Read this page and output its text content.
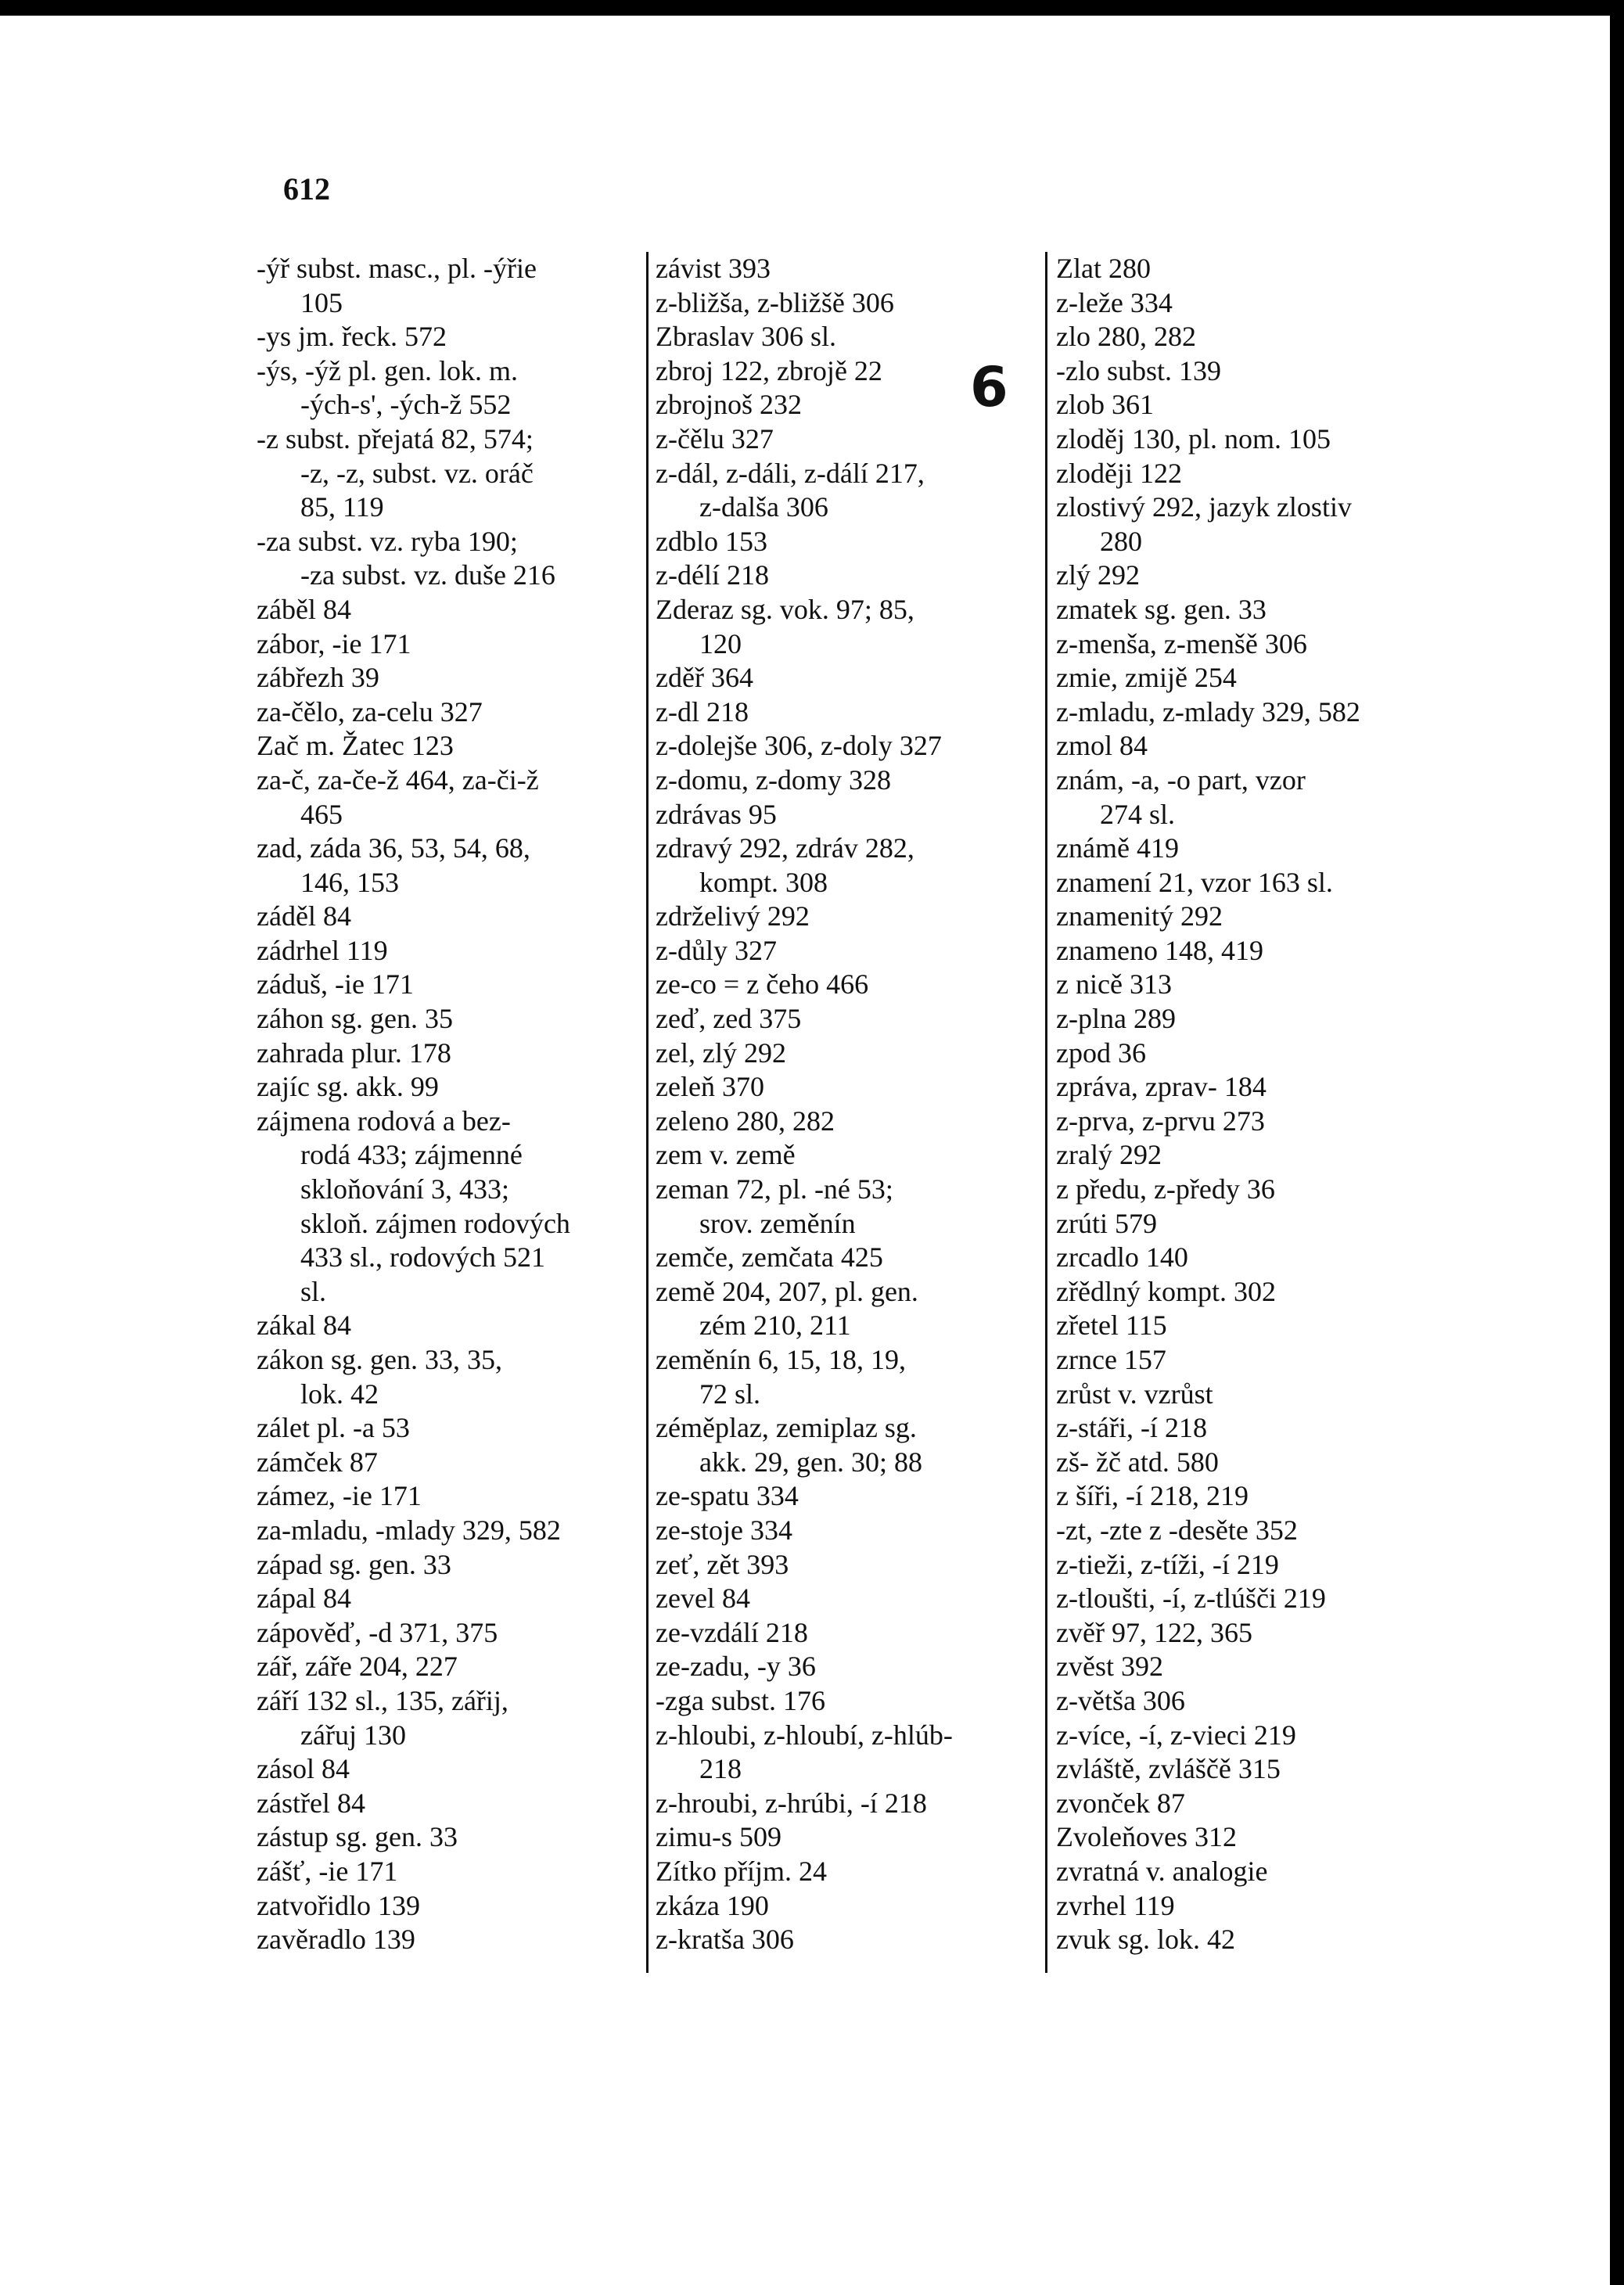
612
-ýř subst. masc., pl. -ýřie
105
-ys jm. řeck. 572
-ýs, -ýž pl. gen. lok. m.
-ých-s', -ých-ž 552
-z subst. přejatá 82, 574;
-z, -z, subst. vz. oráč
85, 119
-za subst. vz. ryba 190;
-za subst. vz. duše 216
záběl 84
zábor, -ie 171
zábřezh 39
za-čělo, za-celu 327
Zač m. Žatec 123
za-č, za-če-ž 464, za-či-ž
465
zad, záda 36, 53, 54, 68,
146, 153
záděl 84
zádrhel 119
záduš, -ie 171
záhon sg. gen. 35
zahrada plur. 178
zajíc sg. akk. 99
zájmena rodová a bez-
rodá 433; zájmenné
skloňování 3, 433;
skloň. zájmen rodových
433 sl., rodových 521
sl.
zákal 84
zákon sg. gen. 33, 35,
lok. 42
zálet pl. -a 53
zámček 87
zámez, -ie 171
za-mladu, -mlady 329, 582
západ sg. gen. 33
zápal 84
zápověď, -d 371, 375
zář, záře 204, 227
září 132 sl., 135, zářij,
zářuj 130
zásol 84
zástřel 84
zástup sg. gen. 33
zášť, -ie 171
zatvořidlo 139
zavěradlo 139
závist 393
z-bližša, z-bližšě 306
Zbraslav 306 sl.
zbroj 122, zbrojě 22
zbrojnoš 232
z-čělu 327
z-dál, z-dáli, z-dálí 217,
z-dalša 306
zdblo 153
z-délí 218
Zderaz sg. vok. 97; 85,
120
zděř 364
z-dl 218
z-dolejše 306, z-doly 327
z-domu, z-domy 328
zdrávas 95
zdravý 292, zdráv 282,
kompt. 308
zdrželivý 292
z-důly 327
ze-co = z čeho 466
zeď, zed 375
zel, zlý 292
zeleň 370
zeleno 280, 282
zem v. země
zeman 72, pl. -né 53;
srov. zeměnín
zemče, zemčata 425
země 204, 207, pl. gen.
zém 210, 211
zeměnín 6, 15, 18, 19,
72 sl.
zéměplaz, zemiplaz sg.
akk. 29, gen. 30; 88
ze-spatu 334
ze-stoje 334
zeť, zět 393
zevel 84
ze-vzdálí 218
ze-zadu, -y 36
-zga subst. 176
z-hloubi, z-hloubí, z-hlúb-
218
z-hroubi, z-hrúbi, -í 218
zimu-s 509
Zítko příjm. 24
zkáza 190
z-kratša 306
Zlat 280
z-leže 334
zlo 280, 282
-zlo subst. 139
zlob 361
zloděj 130, pl. nom. 105
zloději 122
zlostivý 292, jazyk zlostiv
280
zlý 292
zmatek sg. gen. 33
z-menša, z-menšě 306
zmie, zmijě 254
z-mladu, z-mlady 329, 582
zmol 84
znám, -a, -o part, vzor
274 sl.
známě 419
znamení 21, vzor 163 sl.
znamenitý 292
znameno 148, 419
z nicě 313
z-plna 289
zpod 36
zpráva, zprav- 184
z-prva, z-prvu 273
zralý 292
z předu, z-předy 36
zrúti 579
zrcadlo 140
zřědlný kompt. 302
zřetel 115
zrnce 157
zrůst v. vzrůst
z-stáři, -í 218
zš- žč atd. 580
z šíři, -í 218, 219
-zt, -zte z -desěte 352
z-tieži, z-tíži, -í 219
z-tloušti, -í, z-tlúšči 219
zvěř 97, 122, 365
zvěst 392
z-větša 306
z-více, -í, z-vieci 219
zvláště, zvláščě 315
zvonček 87
Zvoleňoves 312
zvratná v. analogie
zvrhel 119
zvuk sg. lok. 42
6
